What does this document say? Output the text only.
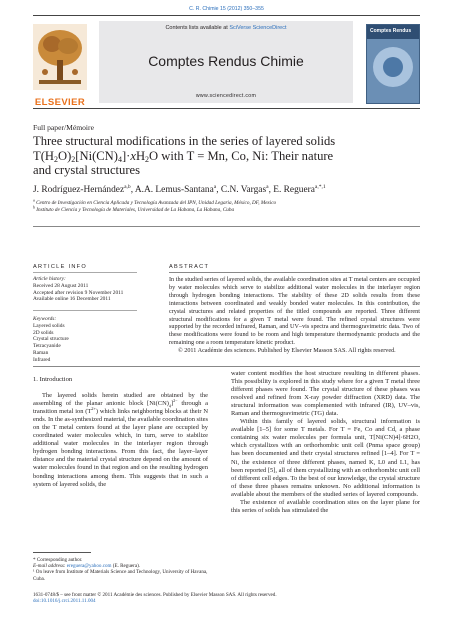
C. R. Chimie 15 (2012) 350–355
ELSEVIER
Contents lists available at SciVerse ScienceDirect
Comptes Rendus Chimie
www.sciencedirect.com
Comptes Rendus
Full paper/Mémoire
Three structural modifications in the series of layered solids
$T(H_2O)_2[Ni(CN)_4]\cdot xH_2O$ with T = Mn, Co, Ni: Their nature
and crystal structures
J. Rodríguez-Hernández$^{a,b}$, A.A. Lemus-Santana$^a$, C.N. Vargas$^a$, E. Reguera$^{a,*,1}$
$^a$ Centro de Investigación en Ciencia Aplicada y Tecnología Avanzada del IPN, Unidad Legaria, México, DF, Mexico
$^b$ Instituto de Ciencia y Tecnología de Materiales, Universidad de La Habana, La Habana, Cuba
ARTICLE INFO	ABSTRACT
Article history:
Received 28 August 2011
Accepted after revision 9 November 2011
Available online 16 December 2011
Keywords:
Layered solids
2D solids
Crystal structure
Tetracyanide
Raman
Infrared
In the studied series of layered solids, the available coordination sites at T metal centers are occupied by water molecules which serve to stabilize additional water molecules in the interlayer region through hydrogen bonding interactions. The stability of these 2D solids results from these interactions between coordinated and weakly bonded water molecules. In this contribution, the crystal structures and related properties of the titled compounds are reported. Three different structural modifications for a given T metal were found. The refined crystal structures were supported by the recorded infrared, Raman, and UV–vis spectra and thermogravimetric data. Two of these modifications were found to be room and high temperature thermodynamic products and the remaining one a room temperature kinetic product.
© 2011 Académie des sciences. Published by Elsevier Masson SAS. All rights reserved.
1. Introduction

The layered solids herein studied are obtained by the assembling of the planar anionic block $[Ni(CN)_4]^{2-}$ through a transition metal ion $(T^{2+})$ which links neighboring blocks at their N ends. In the as-synthesized material, the available coordination sites on the T metal centers found at the layer plane are occupied by coordinated water molecules which, in turn, serve to stabilize additional water molecules in the interlayer region through hydrogen bonding interactions. From this fact, the layer–layer distance and the material crystal structure depend on the amount of water molecules found in that region and on the resulting hydrogen bonding interactions among them. This suggests that in such a system of layered solids, the

* Corresponding author.
E-mail address: ereguera@yahoo.com (E. Reguera).
¹ On leave from Institute of Materials Science and Technology, University of Havana, Cuba.
water content modifies the host structure resulting in different phases. This possibility is explored in this study where for a given T metal three different phases were found. The crystal structure of these phases was resolved and refined from X-ray powder diffraction (XRD) data. The structural information was complemented with infrared (IR), UV–vis, Raman and thermogravimetric (TG) data.

Within this family of layered solids, structural information is available [1–5] for some T metals. For T = Fe, Co and Cd, a phase containing six water molecules per formula unit, T[Ni(CN)4]·6H2O, which crystallizes with an orthorhombic unit cell (Pnma space group) has been documented and their crystal structures refined [1–4]. For T = Ni, the existence of three different phases, named K, L0 and L1, has been reported [5], all of them crystallizing with an orthorhombic unit cell of different cell edges. To the best of our knowledge, the crystal structure of these three phases remains unknown. No additional information is available about the members of the studied series of layered compounds.

The existence of available coordination sites on the layer plane for this series of solids has stimulated the

1631-0748/$ – see front matter © 2011 Académie des sciences. Published by Elsevier Masson SAS. All rights reserved.
doi:10.1016/j.crci.2011.11.004
